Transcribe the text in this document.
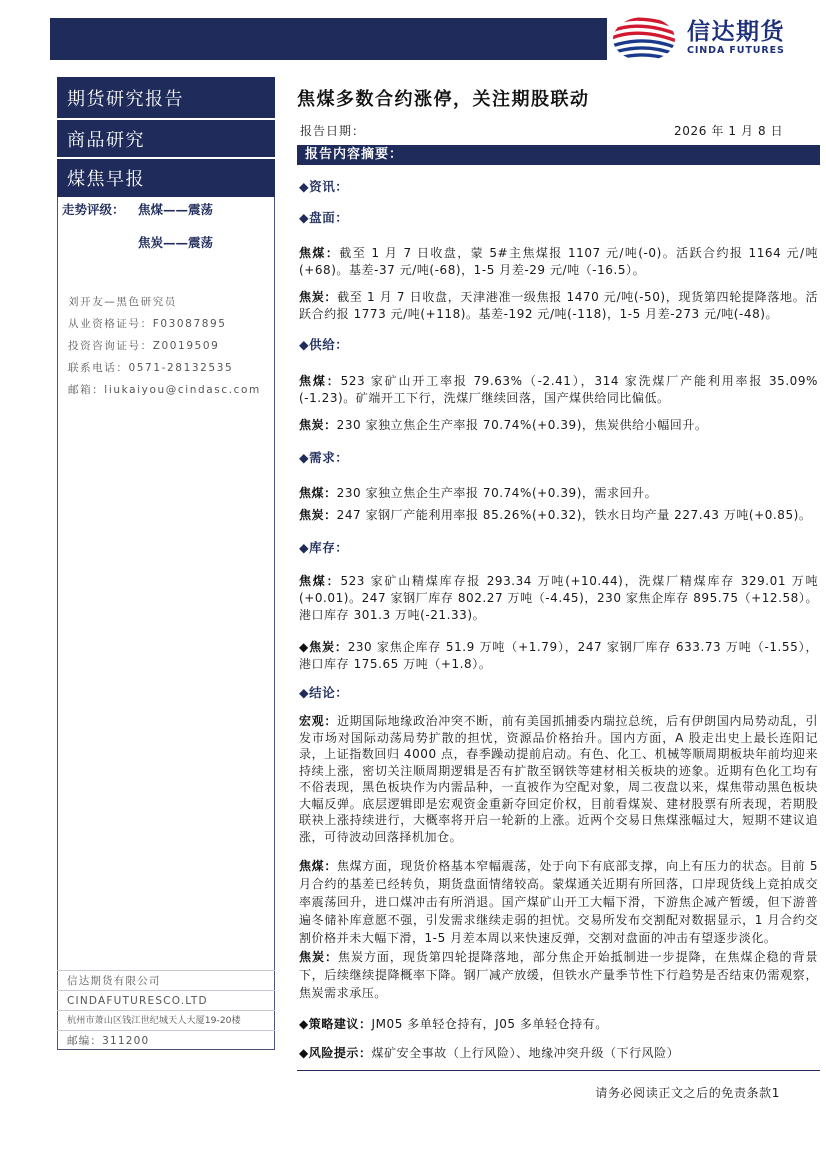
信达期货
CINDA FUTURES
期货研究报告
商品研究
煤焦早报
走势评级： 焦煤——震荡
焦炭——震荡
刘开友—黑色研究员
从业资格证号：F03087895
投资咨询证号：Z0019509
联系电话：0571-28132535
邮箱：liukaiyou@cindasc.com
信达期货有限公司
CINDAFUTURESCO.LTD
杭州市萧山区钱江世纪城天人大厦19-20楼
邮编：311200
焦煤多数合约涨停，关注期股联动
报告日期：	2026 年 1 月 8 日
报告内容摘要：
◆资讯：
◆盘面：

焦煤：截至 1 月 7 日收盘，蒙 5#主焦煤报 1107 元/吨(-0)。活跃合约报 1164 元/吨(+68)。基差-37 元/吨(-68)，1-5 月差-29 元/吨（-16.5）。

焦炭：截至 1 月 7 日收盘，天津港准一级焦报 1470 元/吨(-50)，现货第四轮提降落地。活跃合约报 1773 元/吨(+118)。基差-192 元/吨(-118)，1-5 月差-273 元/吨(-48)。

◆供给：

焦煤：523 家矿山开工率报 79.63%（-2.41），314 家洗煤厂产能利用率报 35.09%(-1.23)。矿端开工下行，洗煤厂继续回落，国产煤供给同比偏低。

焦炭：230 家独立焦企生产率报 70.74%(+0.39)，焦炭供给小幅回升。

◆需求：

焦煤：230 家独立焦企生产率报 70.74%(+0.39)，需求回升。

焦炭：247 家钢厂产能利用率报 85.26%(+0.32)，铁水日均产量 227.43 万吨(+0.85)。

◆库存：

焦煤：523 家矿山精煤库存报 293.34 万吨(+10.44)，洗煤厂精煤库存 329.01 万吨(+0.01)。247 家钢厂库存 802.27 万吨（-4.45)，230 家焦企库存 895.75（+12.58）。港口库存 301.3 万吨(-21.33)。

◆焦炭：230 家焦企库存 51.9 万吨（+1.79），247 家钢厂库存 633.73 万吨（-1.55），港口库存 175.65 万吨（+1.8）。

◆结论：

宏观：近期国际地缘政治冲突不断，前有美国抓捕委内瑞拉总统，后有伊朗国内局势动乱，引发市场对国际动荡局势扩散的担忧，资源品价格抬升。国内方面，A 股走出史上最长连阳记录，上证指数回归 4000 点，春季躁动提前启动。有色、化工、机械等顺周期板块年前均迎来持续上涨，密切关注顺周期逻辑是否有扩散至钢铁等建材相关板块的迹象。近期有色化工均有不俗表现，黑色板块作为内需品种，一直被作为空配对象，周二夜盘以来，煤焦带动黑色板块大幅反弹。底层逻辑即是宏观资金重新夺回定价权，目前看煤炭、建材股票有所表现，若期股联袂上涨持续进行，大概率将开启一轮新的上涨。近两个交易日焦煤涨幅过大，短期不建议追涨，可待波动回落择机加仓。

焦煤：焦煤方面，现货价格基本窄幅震荡，处于向下有底部支撑，向上有压力的状态。目前 5 月合约的基差已经转负，期货盘面情绪较高。蒙煤通关近期有所回落，口岸现货线上竞拍成交率震荡回升，进口煤冲击有所消退。国产煤矿山开工大幅下滑，下游焦企减产暂缓，但下游普遍冬储补库意愿不强，引发需求继续走弱的担忧。交易所发布交割配对数据显示，1 月合约交割价格并未大幅下滑，1-5 月差本周以来快速反弹，交割对盘面的冲击有望逐步淡化。

焦炭：焦炭方面，现货第四轮提降落地，部分焦企开始抵制进一步提降，在焦煤企稳的背景下，后续继续提降概率下降。钢厂减产放缓，但铁水产量季节性下行趋势是否结束仍需观察，焦炭需求承压。

◆策略建议：JM05 多单轻仓持有，J05 多单轻仓持有。

◆风险提示：煤矿安全事故（上行风险）、地缘冲突升级（下行风险）

请务必阅读正文之后的免责条款1
